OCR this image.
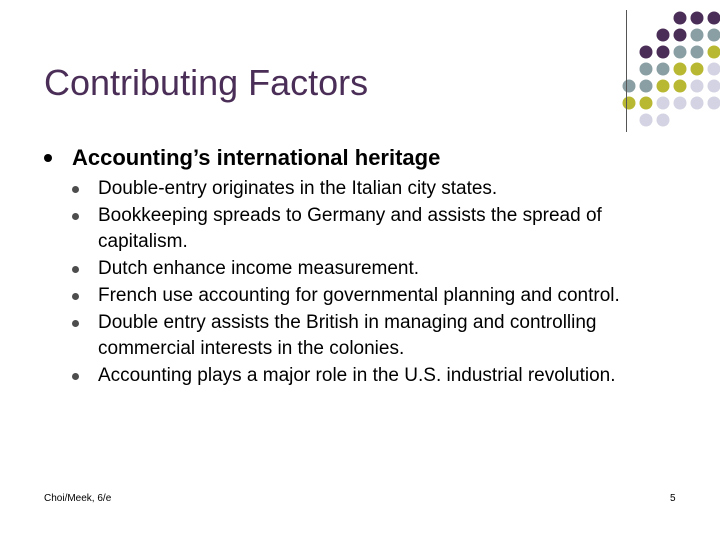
Contributing Factors
Accounting’s international heritage
Double-entry originates in the Italian city states.
Bookkeeping spreads to Germany and assists the spread of capitalism.
Dutch enhance income measurement.
French use accounting for governmental planning and control.
Double entry assists the British in managing and controlling commercial interests in the colonies.
Accounting plays a major role in the U.S. industrial revolution.
Choi/Meek, 6/e	5
